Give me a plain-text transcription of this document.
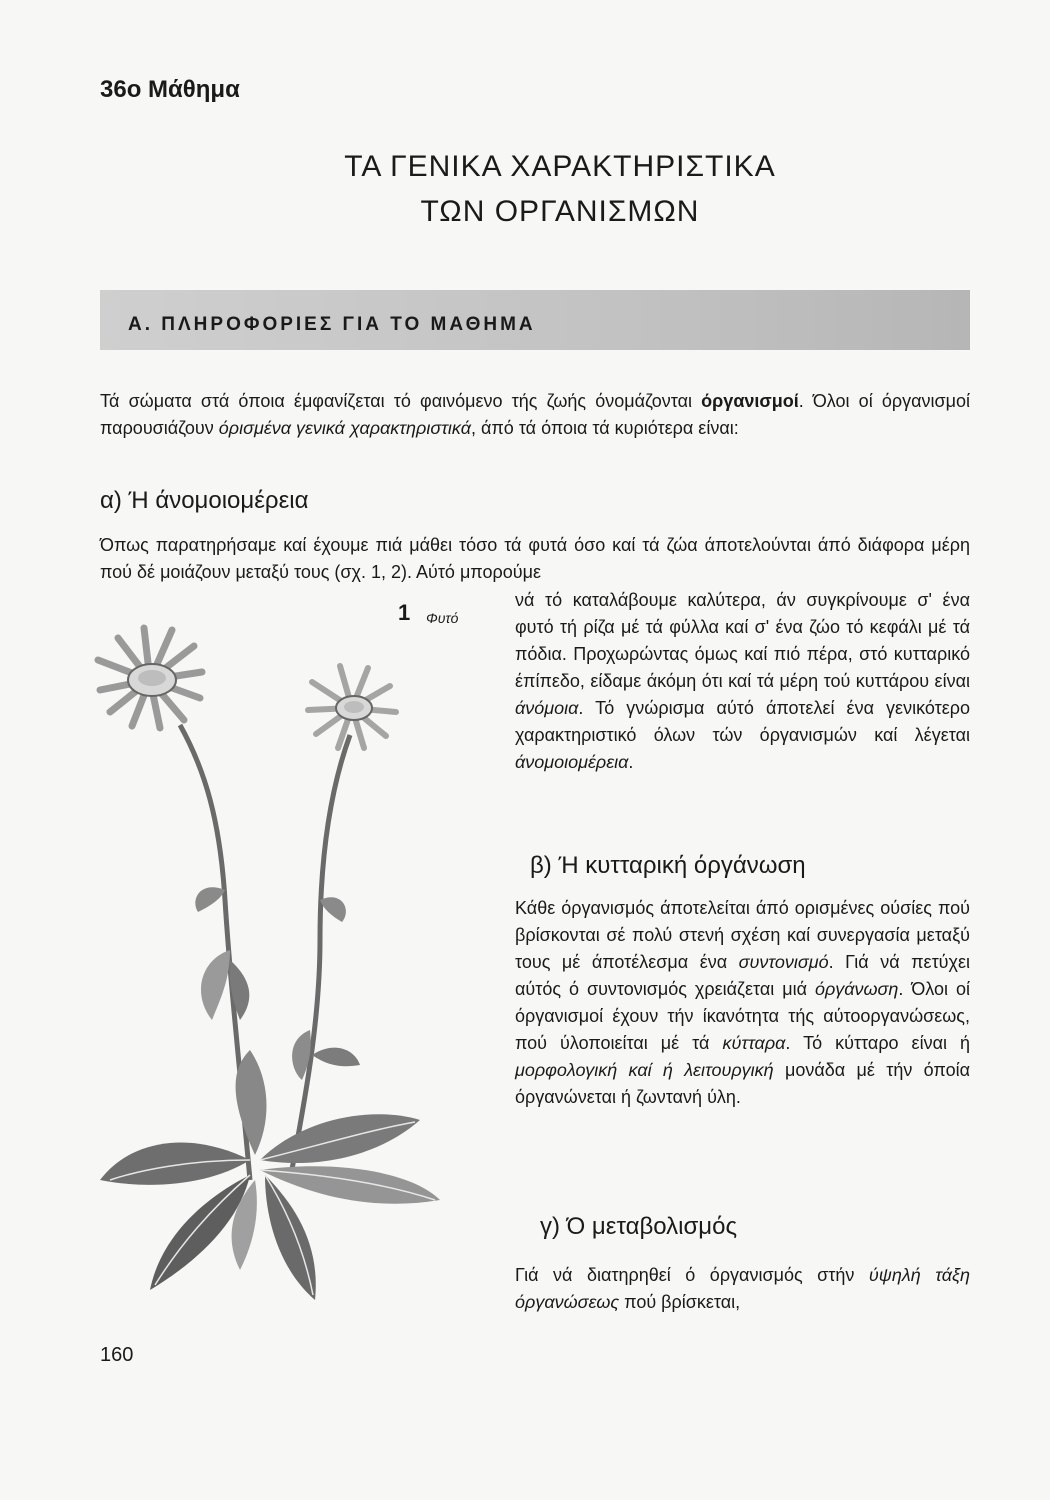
36ο Μάθημα
ΤΑ ΓΕΝΙΚΑ ΧΑΡΑΚΤΗΡΙΣΤΙΚΑ
ΤΩΝ ΟΡΓΑΝΙΣΜΩΝ
Α. ΠΛΗΡΟΦΟΡΙΕΣ ΓΙΑ ΤΟ ΜΑΘΗΜΑ

Τά σώματα στά όποια έμφανίζεται τό φαινόμενο τής ζωής όνομάζονται όργανισμοί. Όλοι οί όργανισμοί παρουσιάζουν όρισμένα γενικά χαρακτηριστικά, άπό τά όποια τά κυριότερα είναι:

α) Ή άνομοιομέρεια

Όπως παρατηρήσαμε καί έχουμε πιά μάθει τόσο τά φυτά όσο καί τά ζώα άποτελούνται άπό διάφορα μέρη πού δέ μοιάζουν μεταξύ τους (σχ. 1, 2). Αύτό μπορούμε

νά τό καταλάβουμε καλύτερα, άν συγκρίνουμε σ' ένα φυτό τή ρίζα μέ τά φύλλα καί σ' ένα ζώο τό κεφάλι μέ τά πόδια. Προχωρώντας όμως καί πιό πέρα, στό κυτταρικό έπίπεδο, είδαμε άκόμη ότι καί τά μέρη τού κυττάρου είναι άνόμοια. Τό γνώρισμα αύτό άποτελεί ένα γενικότερο χαρακτηριστικό όλων τών όργανισμών καί λέγεται άνομοιομέρεια.

β) Ή κυτταρική όργάνωση

Κάθε όργανισμός άποτελείται άπό ορισμένες ούσίες πού βρίσκονται σέ πολύ στενή σχέση καί συνεργασία μεταξύ τους μέ άποτέλεσμα ένα συντονισμό. Γιά νά πετύχει αύτός ό συντονισμός χρειάζεται μιά όργάνωση. Όλοι οί όργανισμοί έχουν τήν ίκανότητα τής αύτοοργανώσεως, πού ύλοποιείται μέ τά κύτταρα. Τό κύτταρο είναι ή μορφολογική καί ή λειτουργική μονάδα μέ τήν όποία όργανώνεται ή ζωντανή ύλη.

γ) Ό μεταβολισμός

Γιά νά διατηρηθεί ό όργανισμός στήν ύψηλή τάξη όργανώσεως πού βρίσκεται,

1 Φυτό
160
